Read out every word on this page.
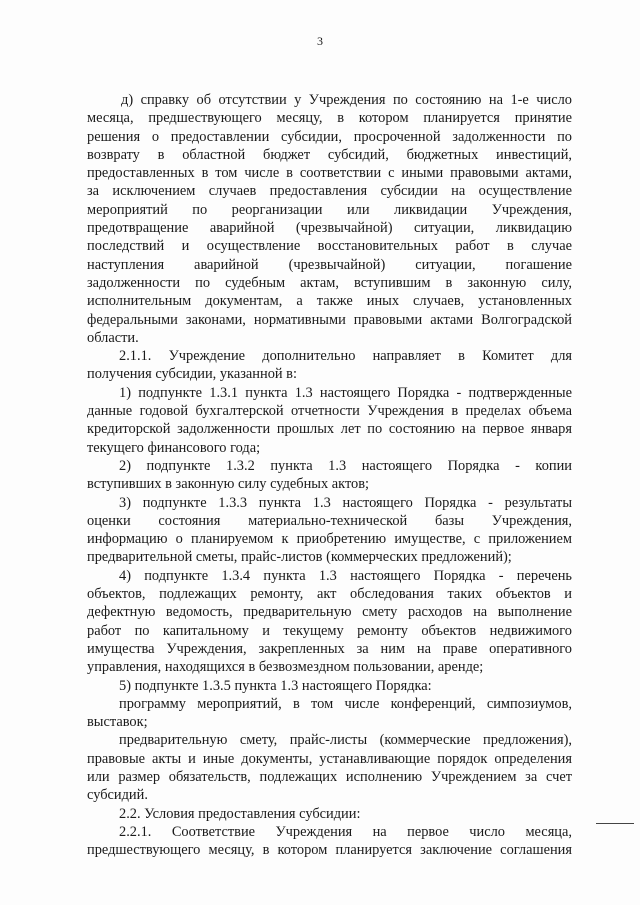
3
д) справку об отсутствии у Учреждения по состоянию на 1-е число
месяца, предшествующего месяцу, в котором планируется принятие
решения о предоставлении субсидии, просроченной задолженности по
возврату в областной бюджет субсидий, бюджетных инвестиций,
предоставленных в том числе в соответствии с иными правовыми актами,
за исключением случаев предоставления субсидии на осуществление
мероприятий по реорганизации или ликвидации Учреждения,
предотвращение аварийной (чрезвычайной) ситуации, ликвидацию
последствий и осуществление восстановительных работ в случае
наступления аварийной (чрезвычайной) ситуации, погашение
задолженности по судебным актам, вступившим в законную силу,
исполнительным документам, а также иных случаев, установленных
федеральными законами, нормативными правовыми актами Волгоградской
области.
2.1.1. Учреждение дополнительно направляет в Комитет для
получения субсидии, указанной в:
1) подпункте 1.3.1 пункта 1.3 настоящего Порядка - подтвержденные
данные годовой бухгалтерской отчетности Учреждения в пределах объема
кредиторской задолженности прошлых лет по состоянию на первое января
текущего финансового года;
2) подпункте 1.3.2 пункта 1.3 настоящего Порядка - копии
вступивших в законную силу судебных актов;
3) подпункте 1.3.3 пункта 1.3 настоящего Порядка - результаты
оценки состояния материально-технической базы Учреждения,
информацию о планируемом к приобретению имуществе, с приложением
предварительной сметы, прайс-листов (коммерческих предложений);
4) подпункте 1.3.4 пункта 1.3 настоящего Порядка - перечень
объектов, подлежащих ремонту, акт обследования таких объектов и
дефектную ведомость, предварительную смету расходов на выполнение
работ по капитальному и текущему ремонту объектов недвижимого
имущества Учреждения, закрепленных за ним на праве оперативного
управления, находящихся в безвозмездном пользовании, аренде;
5) подпункте 1.3.5 пункта 1.3 настоящего Порядка:
программу мероприятий, в том числе конференций, симпозиумов,
выставок;
предварительную смету, прайс-листы (коммерческие предложения),
правовые акты и иные документы, устанавливающие порядок определения
или размер обязательств, подлежащих исполнению Учреждением за счет
субсидий.
2.2. Условия предоставления субсидии:
2.2.1. Соответствие Учреждения на первое число месяца,
предшествующего месяцу, в котором планируется заключение соглашения
